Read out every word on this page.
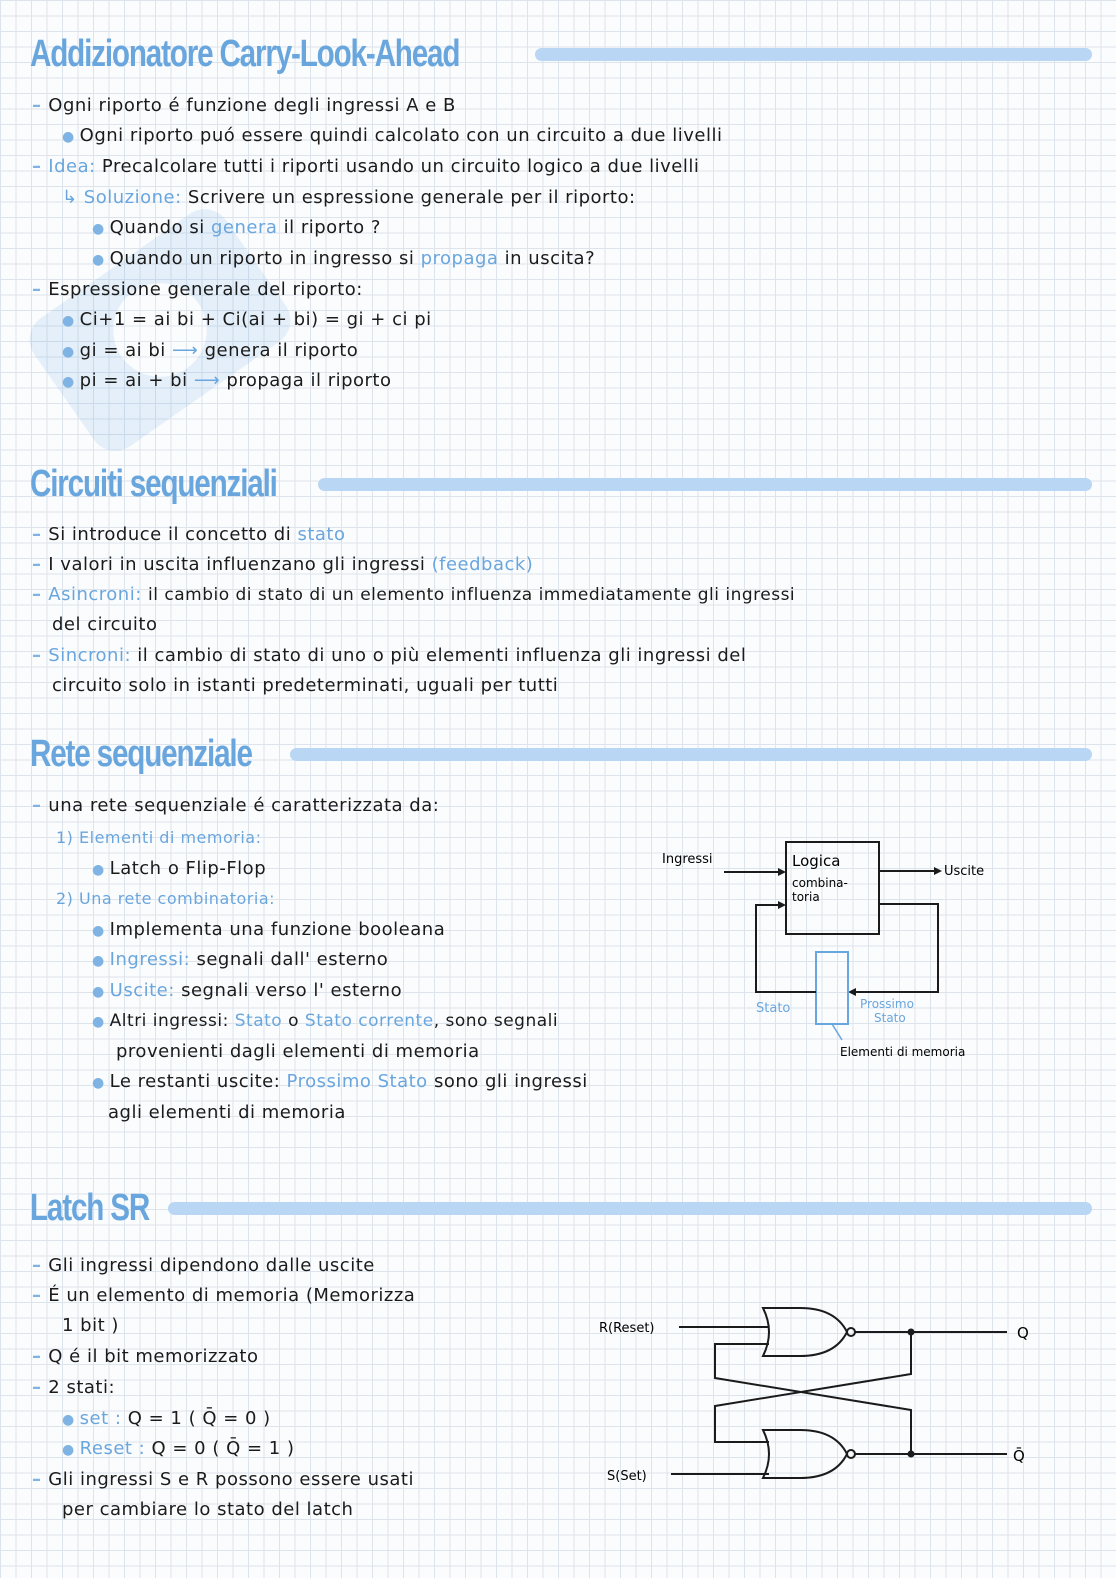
Addizionatore Carry-Look-Ahead
– Ogni riporto é funzione degli ingressi A e B
● Ogni riporto puó essere quindi calcolato con un circuito a due livelli
– Idea: Precalcolare tutti i riporti usando un circuito logico a due livelli
↳ Soluzione: Scrivere un espressione generale per il riporto:
● Quando si genera il riporto ?
● Quando un riporto in ingresso si propaga in uscita?
– Espressione generale del riporto:
● Ci+1 = ai bi + Ci(ai + bi) = gi + ci pi
● gi = ai bi ⟶ genera il riporto
● pi = ai + bi ⟶ propaga il riporto
Circuiti sequenziali
– Si introduce il concetto di stato
– I valori in uscita influenzano gli ingressi (feedback)
– Asincroni: il cambio di stato di un elemento influenza immediatamente gli ingressi
del circuito
– Sincroni: il cambio di stato di uno o più elementi influenza gli ingressi del
circuito solo in istanti predeterminati, uguali per tutti
Rete sequenziale
– una rete sequenziale é caratterizzata da:
1) Elementi di memoria:
● Latch o Flip-Flop
2) Una rete combinatoria:
● Implementa una funzione booleana
● Ingressi: segnali dall' esterno
● Uscite: segnali verso l' esterno
● Altri ingressi: Stato o Stato corrente, sono segnali
provenienti dagli elementi di memoria
● Le restanti uscite: Prossimo Stato sono gli ingressi
agli elementi di memoria
Logica
combina-
toria
Ingressi
Uscite
Stato	Prossimo
Stato
Elementi di memoria
Latch SR
– Gli ingressi dipendono dalle uscite
– É un elemento di memoria (Memorizza
1 bit )
– Q é il bit memorizzato
– 2 stati:
● set : Q = 1 ( Q̄ = 0 )
● Reset : Q = 0 ( Q̄ = 1 )
– Gli ingressi S e R possono essere usati
per cambiare lo stato del latch
R(Reset)
S(Set)
Q
Q̄
